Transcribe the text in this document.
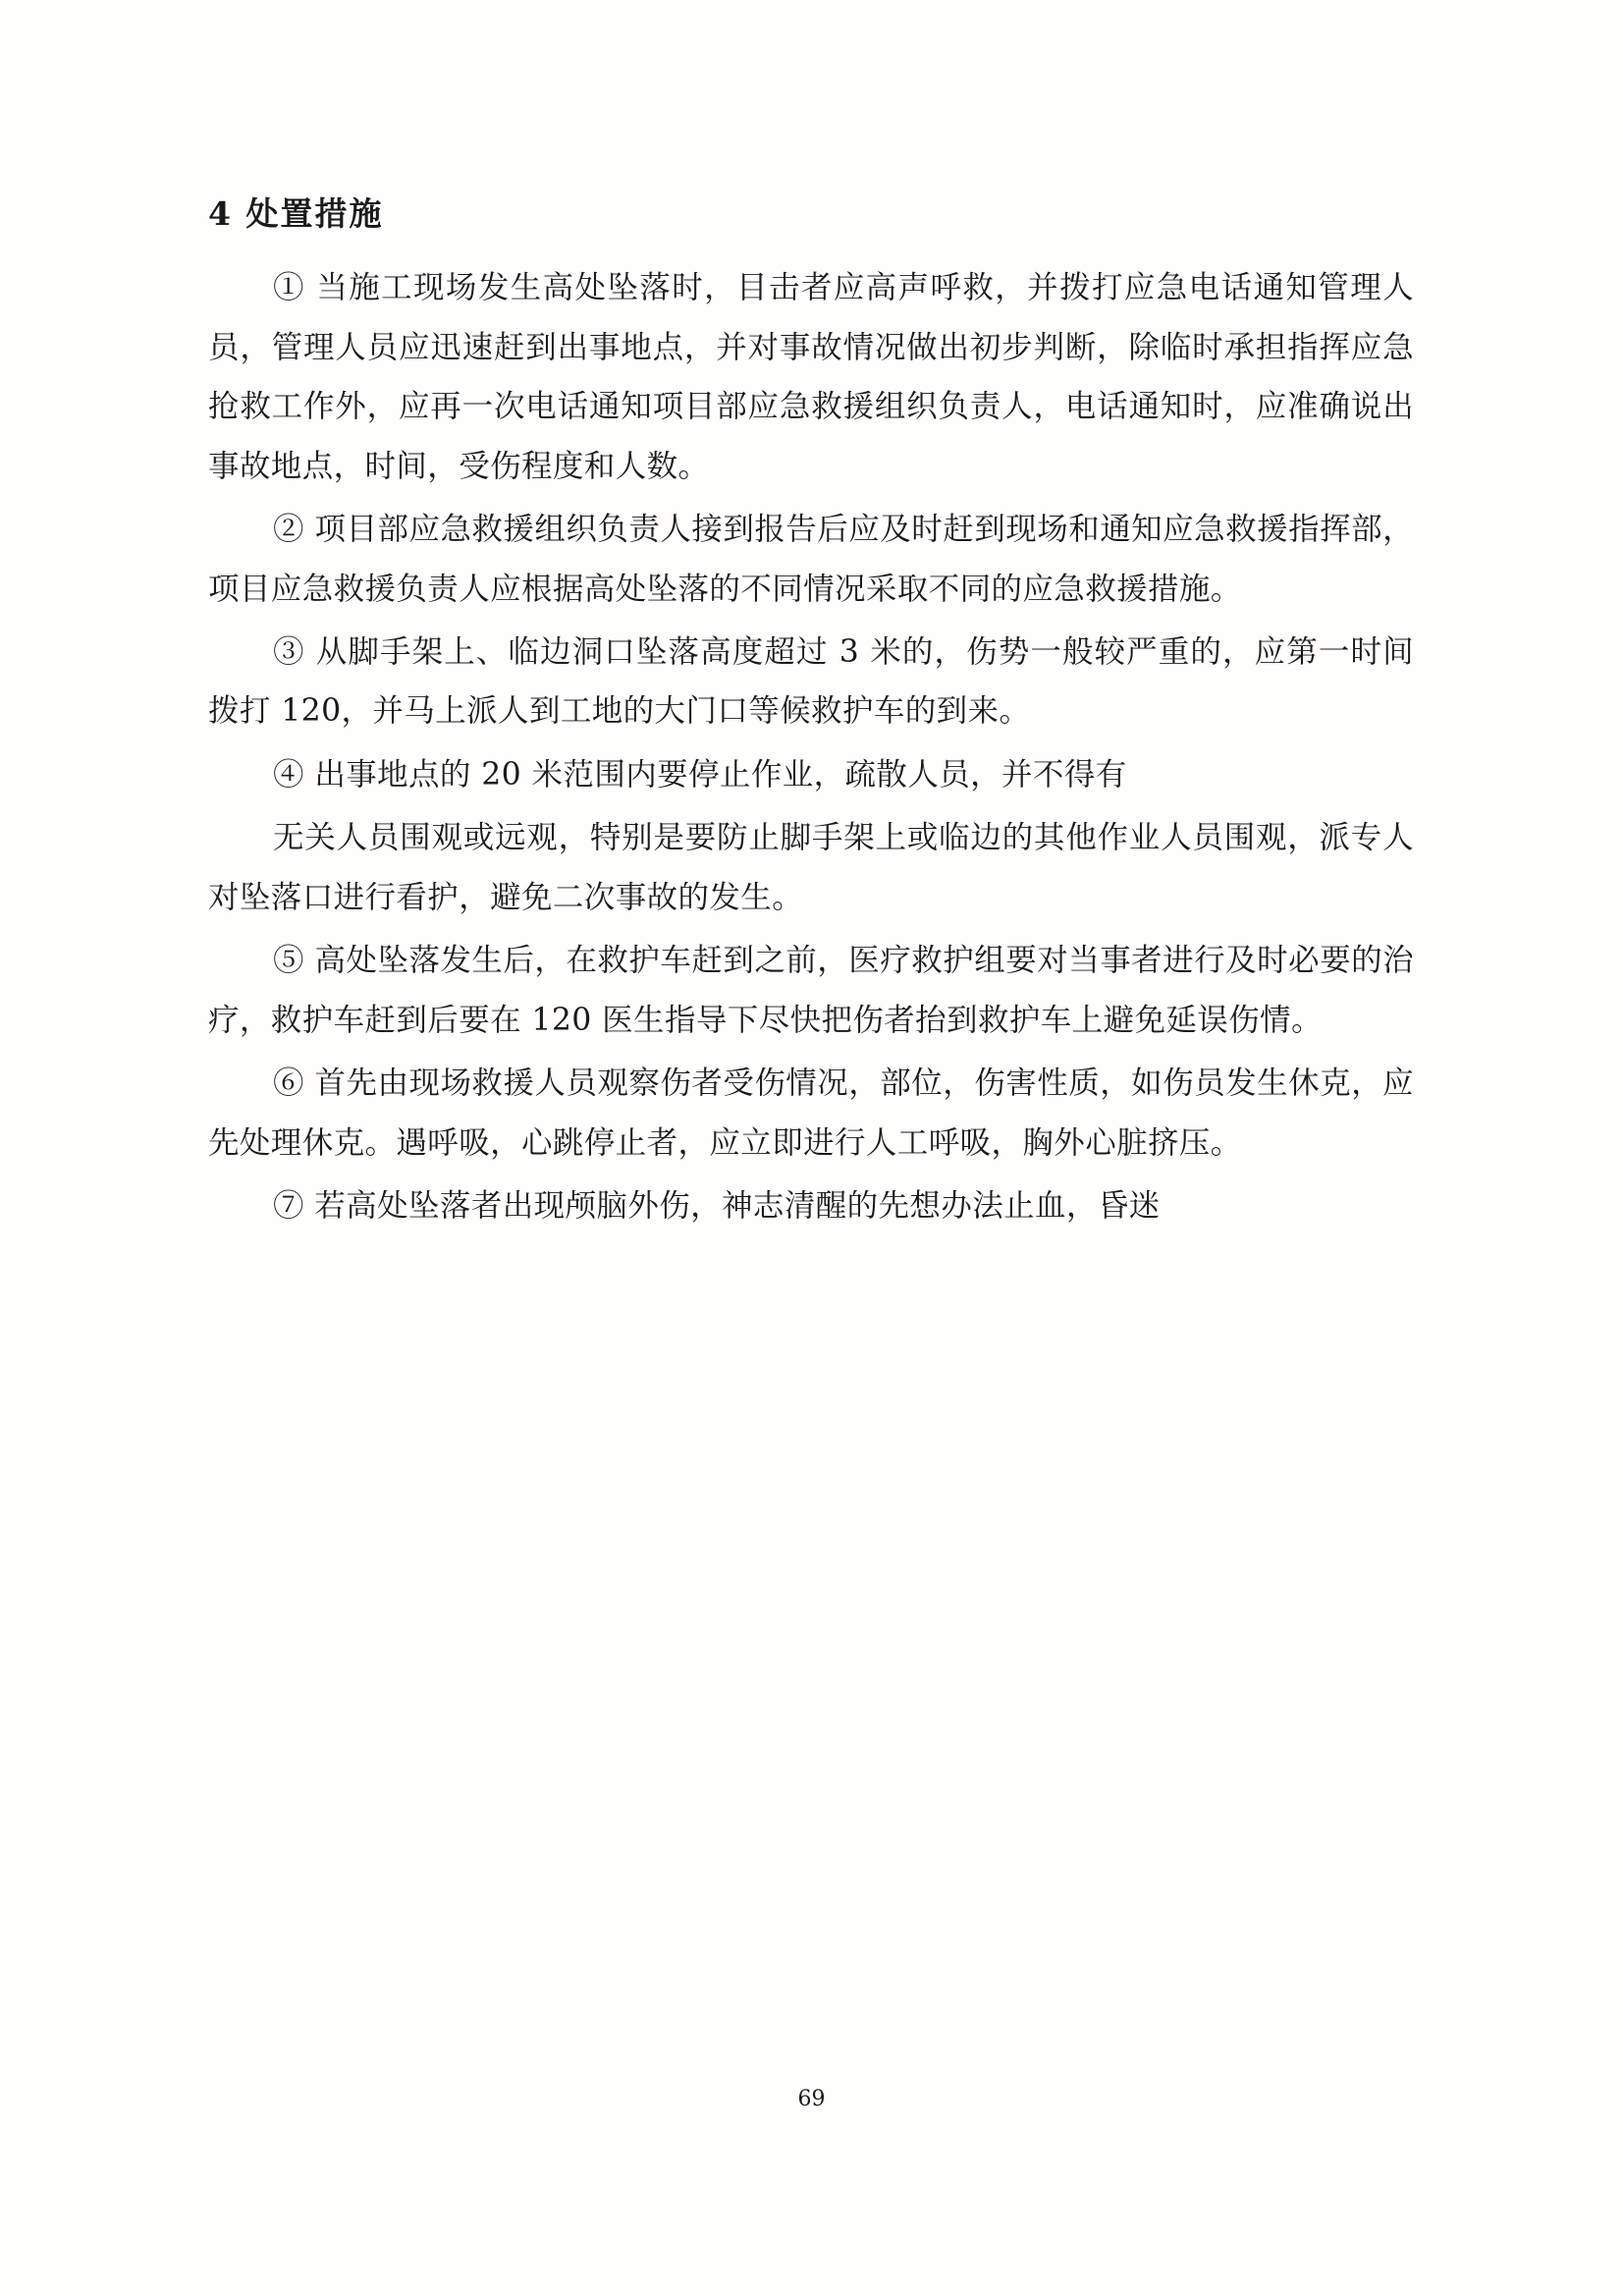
4 处置措施

① 当施工现场发生高处坠落时，目击者应高声呼救，并拨打应急电话通知管理人员，管理人员应迅速赶到出事地点，并对事故情况做出初步判断，除临时承担指挥应急抢救工作外，应再一次电话通知项目部应急救援组织负责人，电话通知时，应准确说出事故地点，时间，受伤程度和人数。

② 项目部应急救援组织负责人接到报告后应及时赶到现场和通知应急救援指挥部，项目应急救援负责人应根据高处坠落的不同情况采取不同的应急救援措施。

③ 从脚手架上、临边洞口坠落高度超过 3 米的，伤势一般较严重的，应第一时间拨打 120，并马上派人到工地的大门口等候救护车的到来。

④ 出事地点的 20 米范围内要停止作业，疏散人员，并不得有

无关人员围观或远观，特别是要防止脚手架上或临边的其他作业人员围观，派专人对坠落口进行看护，避免二次事故的发生。

⑤ 高处坠落发生后，在救护车赶到之前，医疗救护组要对当事者进行及时必要的治疗，救护车赶到后要在 120 医生指导下尽快把伤者抬到救护车上避免延误伤情。

⑥ 首先由现场救援人员观察伤者受伤情况，部位，伤害性质，如伤员发生休克，应先处理休克。遇呼吸，心跳停止者，应立即进行人工呼吸，胸外心脏挤压。

⑦ 若高处坠落者出现颅脑外伤，神志清醒的先想办法止血，昏迷

69
